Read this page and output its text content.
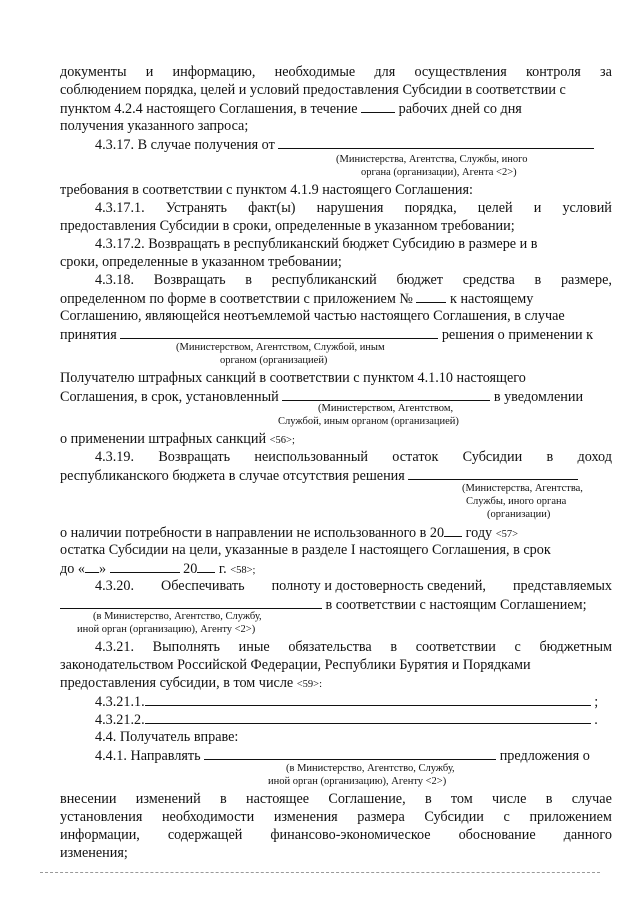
документы и информацию, необходимые для осуществления контроля за
соблюдением порядка, целей и условий предоставления Субсидии в соответствии с
пунктом 4.2.4 настоящего Соглашения, в течение	рабочих дней со дня
получения указанного запроса;
4.3.17. В случае получения от
(Министерства, Агентства, Службы, иного
органа (организации), Агента <2>)
требования в соответствии с пунктом 4.1.9 настоящего Соглашения:
4.3.17.1. Устранять факт(ы) нарушения порядка, целей и условий
предоставления Субсидии в сроки, определенные в указанном требовании;
4.3.17.2. Возвращать в республиканский бюджет Субсидию в размере и в
сроки, определенные в указанном требовании;
4.3.18. Возвращать в республиканский бюджет средства в размере,
определенном по форме в соответствии с приложением №	к настоящему
Соглашению, являющейся неотъемлемой частью настоящего Соглашения, в случае
принятия	решения о применении к
(Министерством, Агентством, Службой, иным
органом (организацией)
Получателю штрафных санкций в соответствии с пунктом 4.1.10 настоящего
Соглашения, в срок, установленный	в уведомлении
(Министерством, Агентством,
Службой, иным органом (организацией)
о применении штрафных санкций <56>;
4.3.19. Возвращать неиспользованный остаток Субсидии в доход
республиканского бюджета в случае отсутствия решения
(Министерства, Агентства,
Службы, иного органа
(организации)
о наличии потребности в направлении не использованного в 20 году <57>
остатка Субсидии на цели, указанные в разделе I настоящего Соглашения, в срок
до « »	20 г. <58>;
4.3.20. Обеспечивать полноту и достоверность сведений, представляемых
в соответствии с настоящим Соглашением;
(в Министерство, Агентство, Службу,
иной орган (организацию), Агенту <2>)
4.3.21. Выполнять иные обязательства в соответствии с бюджетным
законодательством Российской Федерации, Республики Бурятия и Порядками
предоставления субсидии, в том числе <59>:
4.3.21.1.	;
4.3.21.2.	.
4.4. Получатель вправе:
4.4.1. Направлять	предложения о
(в Министерство, Агентство, Службу,
иной орган (организацию), Агенту <2>)
внесении изменений в настоящее Соглашение, в том числе в случае
установления необходимости изменения размера Субсидии с приложением
информации, содержащей финансово-экономическое обоснование данного
изменения;
